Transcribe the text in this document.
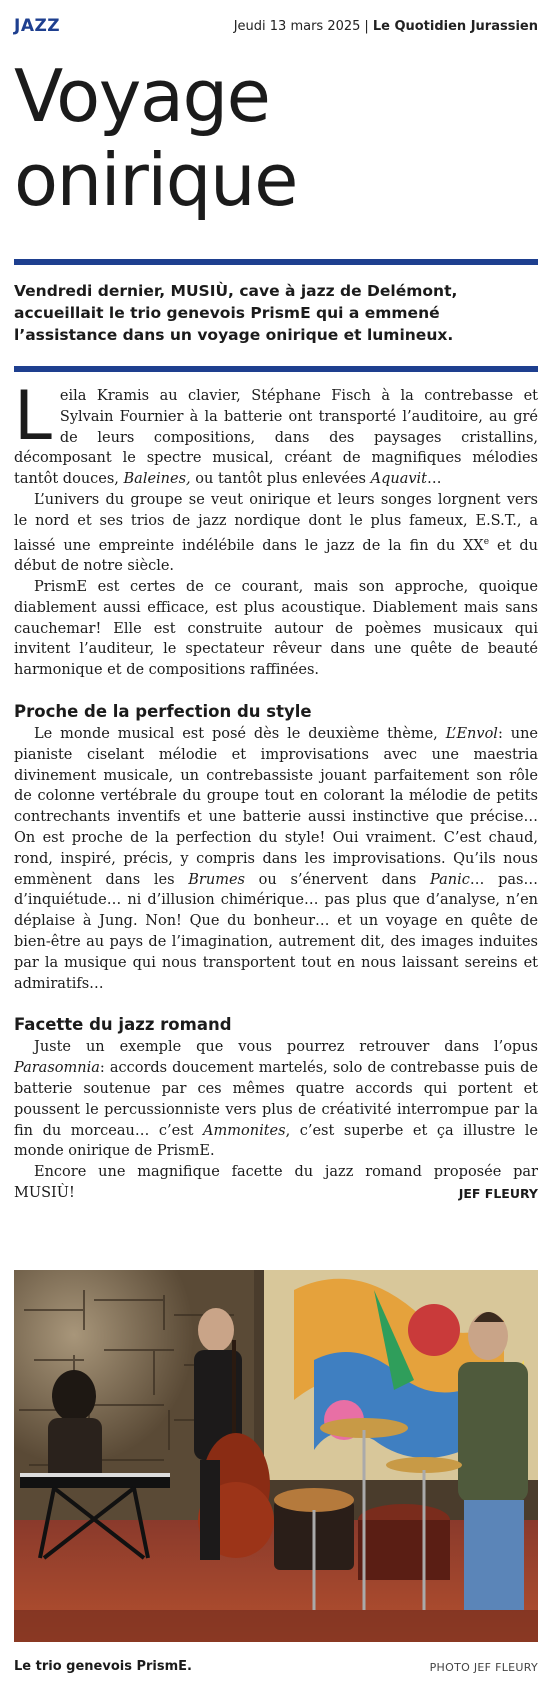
JAZZ	Jeudi 13 mars 2025 | Le Quotidien Jurassien
Voyage
onirique
Vendredi dernier, MUSIÙ, cave à jazz de Delémont, accueillait le trio genevois PrismE qui a emmené l’assistance dans un voyage onirique et lumineux.

Leila Kramis au clavier, Stéphane Fisch à la contrebasse et Sylvain Fournier à la batterie ont transporté l’auditoire, au gré de leurs compositions, dans des paysages cristallins, décomposant le spectre musical, créant de magnifiques mélodies tantôt douces, Baleines, ou tantôt plus enlevées Aquavit…

L’univers du groupe se veut onirique et leurs songes lorgnent vers le nord et ses trios de jazz nordique dont le plus fameux, E.S.T., a laissé une empreinte indélébile dans le jazz de la fin du XXe et du début de notre siècle.

PrismE est certes de ce courant, mais son approche, quoique diablement aussi efficace, est plus acoustique. Diablement mais sans cauchemar! Elle est construite autour de poèmes musicaux qui invitent l’auditeur, le spectateur rêveur dans une quête de beauté harmonique et de compositions raffinées.

Proche de la perfection du style

Le monde musical est posé dès le deuxième thème, L’Envol: une pianiste ciselant mélodie et improvisations avec une maestria divinement musicale, un contrebassiste jouant parfaitement son rôle de colonne vertébrale du groupe tout en colorant la mélodie de petits contrechants inventifs et une batterie aussi instinctive que précise… On est proche de la perfection du style! Oui vraiment. C’est chaud, rond, inspiré, précis, y compris dans les improvisations. Qu’ils nous emmènent dans les Brumes ou s’énervent dans Panic… pas… d’inquiétude… ni d’illusion chimérique… pas plus que d’analyse, n’en déplaise à Jung. Non! Que du bonheur… et un voyage en quête de bien-être au pays de l’imagination, autrement dit, des images induites par la musique qui nous transportent tout en nous laissant sereins et admiratifs…

Facette du jazz romand

Juste un exemple que vous pourrez retrouver dans l’opus Parasomnia: accords doucement martelés, solo de contrebasse puis de batterie soutenue par ces mêmes quatre accords qui portent et poussent le percussionniste vers plus de créativité interrompue par la fin du morceau… c’est Ammonites, c’est superbe et ça illustre le monde onirique de PrismE.

Encore une magnifique facette du jazz romand proposée par MUSIÙ!	JEF FLEURY

Le trio genevois PrismE.	PHOTO JEF FLEURY
